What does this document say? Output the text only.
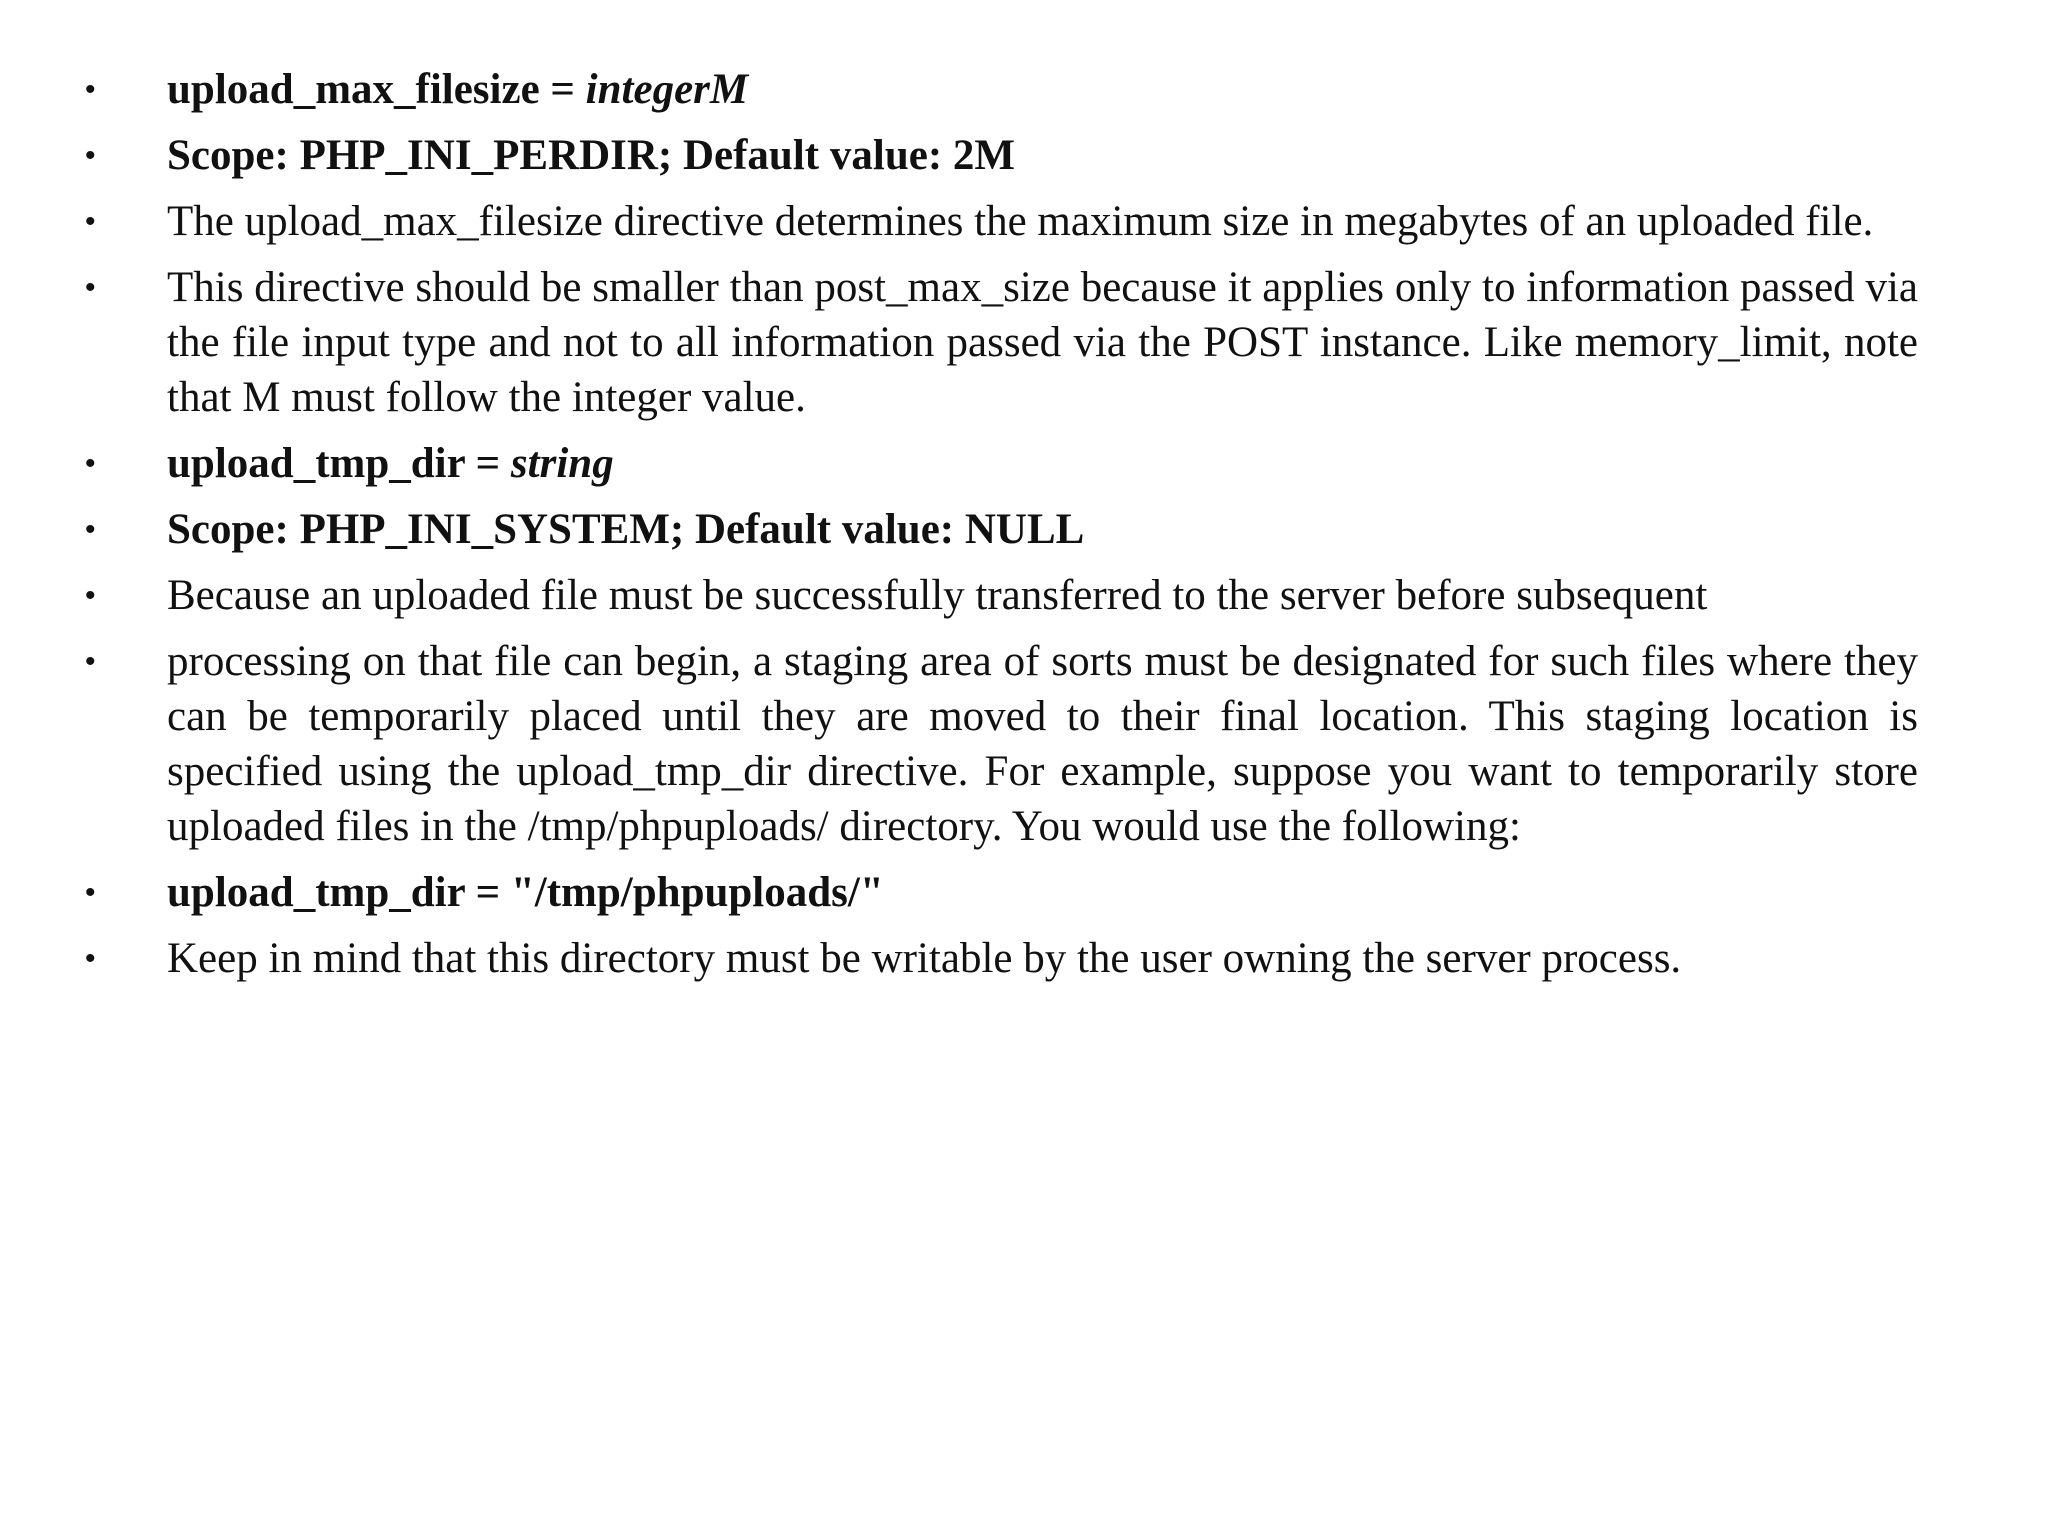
•	upload_max_filesize = integerM
•	Scope: PHP_INI_PERDIR; Default value: 2M
•	The upload_max_filesize directive determines the maximum size in megabytes of an uploaded file.
•	This directive should be smaller than post_max_size because it applies only to information passed via the file input type and not to all information passed via the POST instance. Like memory_limit, note that M must follow the integer value.
•	upload_tmp_dir = string
•	Scope: PHP_INI_SYSTEM; Default value: NULL
•	Because an uploaded file must be successfully transferred to the server before subsequent
•	processing on that file can begin, a staging area of sorts must be designated for such files where they can be temporarily placed until they are moved to their final location. This staging location is specified using the upload_tmp_dir directive. For example, suppose you want to temporarily store uploaded files in the /tmp/phpuploads/ directory. You would use the following:
•	upload_tmp_dir = "/tmp/phpuploads/"
•	Keep in mind that this directory must be writable by the user owning the server process.
